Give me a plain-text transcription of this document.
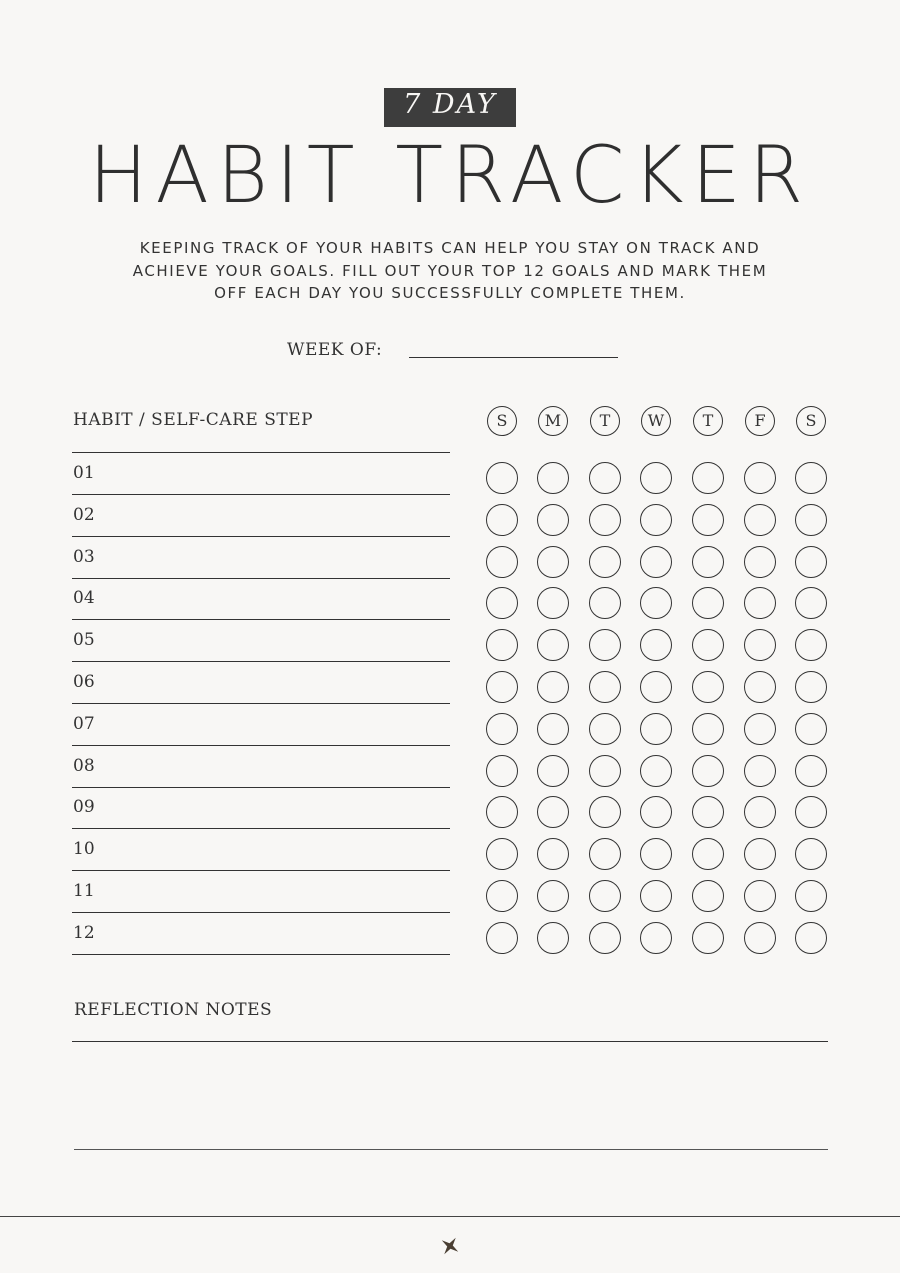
7 DAY
HABIT TRACKER
KEEPING TRACK OF YOUR HABITS CAN HELP YOU STAY ON TRACK AND
ACHIEVE YOUR GOALS. FILL OUT YOUR TOP 12 GOALS AND MARK THEM
OFF EACH DAY YOU SUCCESSFULLY COMPLETE THEM.
WEEK OF:
HABIT / SELF-CARE STEP	S	M	T	W	T	F	S
01
02
03
04
05
06
07
08
09
10
11
12
REFLECTION NOTES
